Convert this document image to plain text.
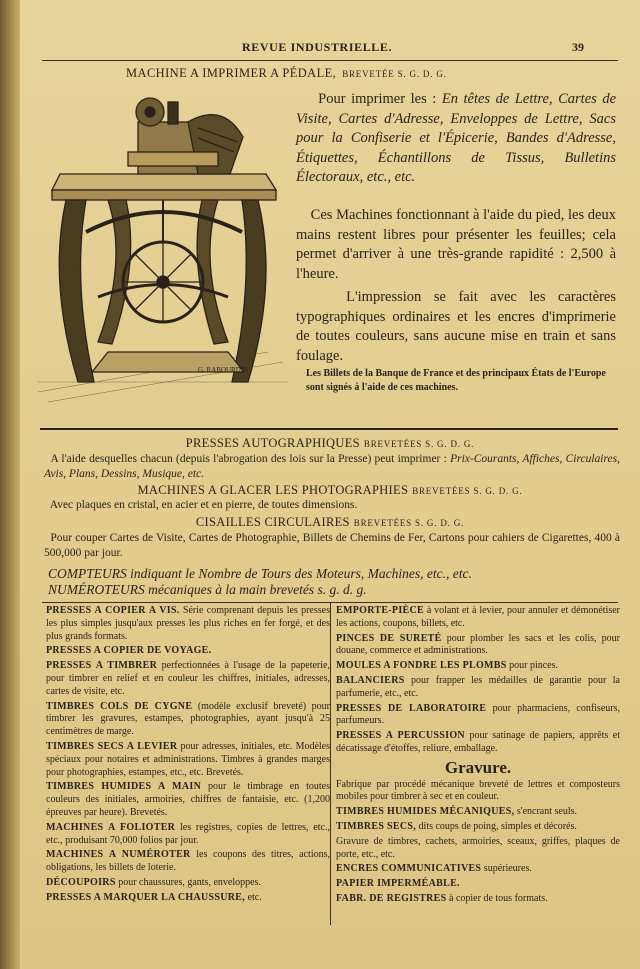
REVUE INDUSTRIELLE.	39
MACHINE A IMPRIMER A PÉDALE, BREVETÉE S. G. D. G.
G. RABOURDIN
Pour imprimer les : En têtes de Lettre, Cartes de Visite, Cartes d'Adresse, Enveloppes de Lettre, Sacs pour la Confiserie et l'Épicerie, Bandes d'Adresse, Étiquettes, Échantillons de Tissus, Bulletins Électoraux, etc., etc.
Ces Machines fonctionnant à l'aide du pied, les deux mains restent libres pour présenter les feuilles; cela permet d'arriver à une très-grande rapidité : 2,500 à l'heure.
L'impression se fait avec les caractères typographiques ordinaires et les encres d'imprimerie de toutes couleurs, sans aucune mise en train et sans foulage.
Les Billets de la Banque de France et des principaux États de l'Europe sont signés à l'aide de ces machines.
PRESSES AUTOGRAPHIQUES BREVETÉES S. G. D. G.
A l'aide desquelles chacun (depuis l'abrogation des lois sur la Presse) peut imprimer : Prix-Courants, Affiches, Circulaires, Avis, Plans, Dessins, Musique, etc.
MACHINES A GLACER LES PHOTOGRAPHIES BREVETÉES S. G. D. G.
Avec plaques en cristal, en acier et en pierre, de toutes dimensions.
CISAILLES CIRCULAIRES BREVETÉES S. G. D. G.
Pour couper Cartes de Visite, Cartes de Photographie, Billets de Chemins de Fer, Cartons pour cahiers de Cigarettes, 400 à 500,000 par jour.
COMPTEURS indiquant le Nombre de Tours des Moteurs, Machines, etc., etc.
NUMÉROTEURS mécaniques à la main brevetés s. g. d. g.

PRESSES A COPIER A VIS. Série comprenant depuis les presses les plus simples jusqu'aux presses les plus riches en fer forgé, et des plus grands formats.

PRESSES A COPIER DE VOYAGE.

PRESSES A TIMBRER perfectionnées à l'usage de la papeterie, pour timbrer en relief et en couleur les chiffres, initiales, adresses, cartes de visite, etc.

TIMBRES COLS DE CYGNE (modèle exclusif breveté) pour timbrer les gravures, estampes, photographies, ayant jusqu'à 25 centimètres de marge.

TIMBRES SECS A LEVIER pour adresses, initiales, etc. Modèles spéciaux pour notaires et administrations. Timbres à grandes marges pour photographies, estampes, etc., etc. Brevetés.

TIMBRES HUMIDES A MAIN pour le timbrage en toutes couleurs des initiales, armoiries, chiffres de fantaisie, etc. (1,200 épreuves par heure). Brevetés.

MACHINES A FOLIOTER les registres, copies de lettres, etc., etc., produisant 70,000 folios par jour.

MACHINES A NUMÉROTER les coupons des titres, actions, obligations, les billets de loterie.

DÉCOUPOIRS pour chaussures, gants, enveloppes.

PRESSES A MARQUER LA CHAUSSURE, etc.

EMPORTE-PIÈCE à volant et à levier, pour annuler et démonétiser les actions, coupons, billets, etc.

PINCES DE SURETÉ pour plomber les sacs et les colis, pour douane, commerce et administrations.

MOULES A FONDRE LES PLOMBS pour pinces.

BALANCIERS pour frapper les médailles de garantie pour la parfumerie, etc., etc.

PRESSES DE LABORATOIRE pour pharmaciens, confiseurs, parfumeurs.

PRESSES A PERCUSSION pour satinage de papiers, apprêts et décatissage d'étoffes, reliure, emballage.

Gravure.

Fabrique par procédé mécanique breveté de lettres et composteurs mobiles pour timbrer à sec et en couleur.

TIMBRES HUMIDES MÉCANIQUES, s'encrant seuls.

TIMBRES SECS, dits coups de poing, simples et décorés.

Gravure de timbres, cachets, armoiries, sceaux, griffes, plaques de porte, etc., etc.

ENCRES COMMUNICATIVES supérieures.

PAPIER IMPERMÉABLE.

FABR. DE REGISTRES à copier de tous formats.
